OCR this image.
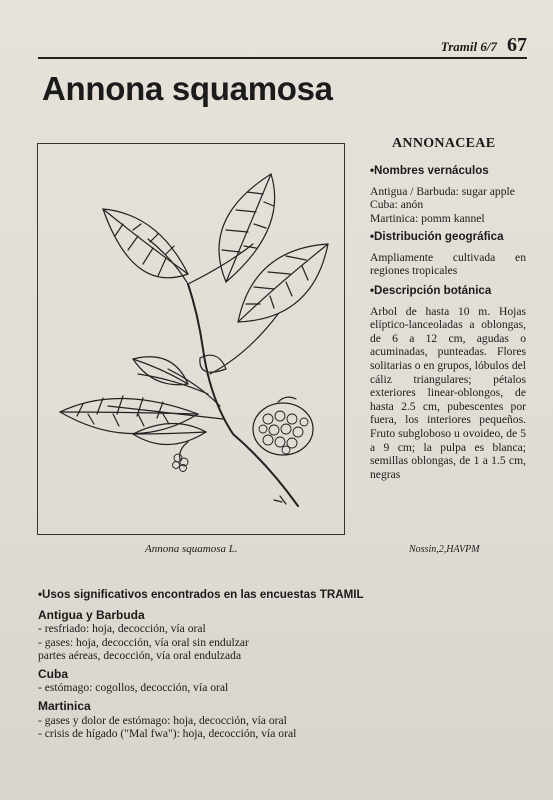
Tramil 6/7 67
Annona squamosa
Annona squamosa L.	Nossin,2,HAVPM
ANNONACEAE
•Nombres vernáculos

Antigua / Barbuda: sugar apple

Cuba: anón

Martinica: pomm kannel

•Distribución geográfica

Ampliamente cultivada en regiones tropicales

•Descripción botánica

Arbol de hasta 10 m. Hojas elíptico-lanceoladas a oblongas, de 6 a 12 cm, agudas o acuminadas, punteadas. Flores solitarias o en grupos, lóbulos del cáliz triangulares; pétalos exteriores linear-oblongos, de hasta 2.5 cm, pubescentes por fuera, los interiores pequeños. Fruto subgloboso u ovoideo, de 5 a 9 cm; la pulpa es blanca; semillas oblongas, de 1 a 1.5 cm, negras

•Usos significativos encontrados en las encuestas TRAMIL
Antigua y Barbuda
- resfriado: hoja, decocción, vía oral
- gases: hoja, decocción, vía oral sin endulzar
partes aéreas, decocción, vía oral endulzada
Cuba
- estómago: cogollos, decocción, vía oral
Martinica
- gases y dolor de estómago: hoja, decocción, vía oral
- crisis de hígado ("Mal fwa"): hoja, decocción, vía oral
